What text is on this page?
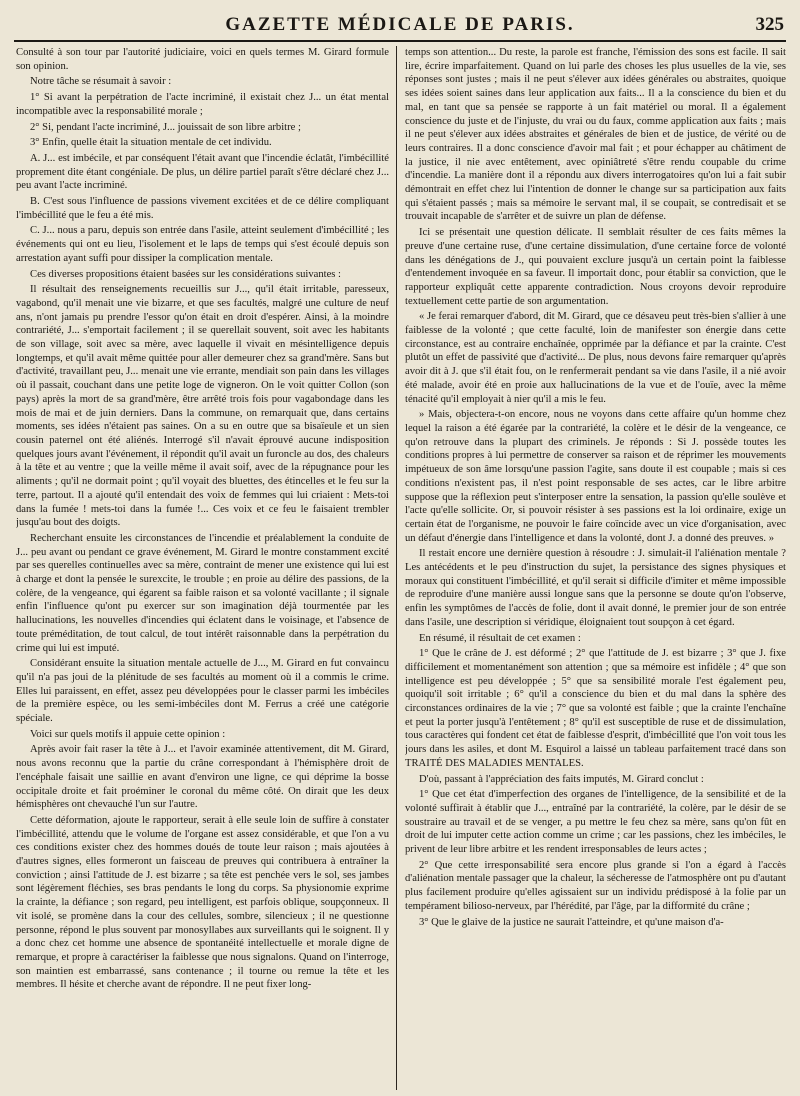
GAZETTE MÉDICALE DE PARIS.	325

Consulté à son tour par l'autorité judiciaire, voici en quels termes M. Girard formule son opinion.

Notre tâche se résumait à savoir :

1° Si avant la perpétration de l'acte incriminé, il existait chez J... un état mental incompatible avec la responsabilité morale ;

2° Si, pendant l'acte incriminé, J... jouissait de son libre arbitre ;

3° Enfin, quelle était la situation mentale de cet individu.

A. J... est imbécile, et par conséquent l'était avant que l'incendie éclatât, l'imbécillité proprement dite étant congéniale. De plus, un délire partiel paraît s'être déclaré chez J... peu avant l'acte incriminé.

B. C'est sous l'influence de passions vivement excitées et de ce délire compliquant l'imbécillité que le feu a été mis.

C. J... nous a paru, depuis son entrée dans l'asile, atteint seulement d'imbécillité ; les événements qui ont eu lieu, l'isolement et le laps de temps qui s'est écoulé depuis son arrestation ayant suffi pour dissiper la complication mentale.

Ces diverses propositions étaient basées sur les considérations suivantes :

Il résultait des renseignements recueillis sur J..., qu'il était irritable, paresseux, vagabond, qu'il menait une vie bizarre, et que ses facultés, malgré une culture de neuf ans, n'ont jamais pu prendre l'essor qu'on était en droit d'espérer. Ainsi, à la moindre contrariété, J... s'emportait facilement ; il se querellait souvent, soit avec les habitants de son village, soit avec sa mère, avec laquelle il vivait en mésintelligence depuis longtemps, et qu'il avait même quittée pour aller demeurer chez sa grand'mère. Sans but d'activité, travaillant peu, J... menait une vie errante, mendiait son pain dans les villages où il passait, couchant dans une petite loge de vigneron. On le voit quitter Collon (son pays) après la mort de sa grand'mère, être arrêté trois fois pour vagabondage dans les mois de mai et de juin derniers. Dans la commune, on remarquait que, dans certains moments, ses idées n'étaient pas saines. On a su en outre que sa bisaïeule et un sien cousin paternel ont été aliénés. Interrogé s'il n'avait éprouvé aucune indisposition quelques jours avant l'événement, il répondit qu'il avait un furoncle au dos, des chaleurs à la tête et au ventre ; que la veille même il avait soif, avec de la répugnance pour les aliments ; qu'il ne dormait point ; qu'il voyait des bluettes, des étincelles et le feu sur la terre, partout. Il a ajouté qu'il entendait des voix de femmes qui lui criaient : Mets-toi dans la fumée ! mets-toi dans la fumée !... Ces voix et ce feu le faisaient trembler jusqu'au bout des doigts.

Recherchant ensuite les circonstances de l'incendie et préalablement la conduite de J... peu avant ou pendant ce grave événement, M. Girard le montre constamment excité par ses querelles continuelles avec sa mère, contraint de mener une existence qui lui est à charge et dont la pensée le surexcite, le trouble ; en proie au délire des passions, de la colère, de la vengeance, qui égarent sa faible raison et sa volonté vacillante ; il signale enfin l'influence qu'ont pu exercer sur son imagination déjà tourmentée par les hallucinations, les nouvelles d'incendies qui éclatent dans le voisinage, et l'absence de toute préméditation, de tout calcul, de tout intérêt raisonnable dans la perpétration du crime qui lui est imputé.

Considérant ensuite la situation mentale actuelle de J..., M. Girard en fut convaincu qu'il n'a pas joui de la plénitude de ses facultés au moment où il a commis le crime. Elles lui paraissent, en effet, assez peu développées pour le classer parmi les imbéciles de la première espèce, ou les semi-imbéciles dont M. Ferrus a créé une catégorie spéciale.

Voici sur quels motifs il appuie cette opinion :

Après avoir fait raser la tête à J... et l'avoir examinée attentivement, dit M. Girard, nous avons reconnu que la partie du crâne correspondant à l'hémisphère droit de l'encéphale faisait une saillie en avant d'environ une ligne, ce qui déprime la bosse occipitale droite et fait proéminer le coronal du même côté. On dirait que les deux hémisphères ont chevauché l'un sur l'autre.

Cette déformation, ajoute le rapporteur, serait à elle seule loin de suffire à constater l'imbécillité, attendu que le volume de l'organe est assez considérable, et que l'on a vu ces conditions exister chez des hommes doués de toute leur raison ; mais ajoutées à d'autres signes, elles formeront un faisceau de preuves qui contribuera à entraîner la conviction ; ainsi l'attitude de J. est bizarre ; sa tête est penchée vers le sol, ses jambes sont légèrement fléchies, ses bras pendants le long du corps. Sa physionomie exprime la crainte, la défiance ; son regard, peu intelligent, est parfois oblique, soupçonneux. Il vit isolé, se promène dans la cour des cellules, sombre, silencieux ; il ne questionne personne, répond le plus souvent par monosyllabes aux surveillants qui le soignent. Il y a donc chez cet homme une absence de spontanéité intellectuelle et morale digne de remarque, et propre à caractériser la faiblesse que nous signalons. Quand on l'interroge, son maintien est embarrassé, sans contenance ; il tourne ou remue la tête et les membres. Il hésite et cherche avant de répondre. Il ne peut fixer long-

temps son attention... Du reste, la parole est franche, l'émission des sons est facile. Il sait lire, écrire imparfaitement. Quand on lui parle des choses les plus usuelles de la vie, ses réponses sont justes ; mais il ne peut s'élever aux idées générales ou abstraites, quoique ses idées soient saines dans leur application aux faits... Il a la conscience du bien et du mal, en tant que sa pensée se rapporte à un fait matériel ou moral. Il a également conscience du juste et de l'injuste, du vrai ou du faux, comme application aux faits ; mais il ne peut s'élever aux idées abstraites et générales de bien et de justice, de vérité ou de leurs contraires. Il a donc conscience d'avoir mal fait ; et pour échapper au châtiment de la justice, il nie avec entêtement, avec opiniâtreté s'être rendu coupable du crime d'incendie. La manière dont il a répondu aux divers interrogatoires qu'on lui a fait subir démontrait en effet chez lui l'intention de donner le change sur sa participation aux faits qui s'étaient passés ; mais sa mémoire le servant mal, il se coupait, se contredisait et se trouvait incapable de s'arrêter et de suivre un plan de défense.

Ici se présentait une question délicate. Il semblait résulter de ces faits mêmes la preuve d'une certaine ruse, d'une certaine dissimulation, d'une certaine force de volonté dans les dénégations de J., qui pouvaient exclure jusqu'à un certain point la faiblesse d'entendement invoquée en sa faveur. Il importait donc, pour établir sa conviction, que le rapporteur expliquât cette apparente contradiction. Nous croyons devoir reproduire textuellement cette partie de son argumentation.

« Je ferai remarquer d'abord, dit M. Girard, que ce désaveu peut très-bien s'allier à une faiblesse de la volonté ; que cette faculté, loin de manifester son énergie dans cette circonstance, est au contraire enchaînée, opprimée par la défiance et par la crainte. C'est plutôt un effet de passivité que d'activité... De plus, nous devons faire remarquer qu'après avoir dit à J. que s'il était fou, on le renfermerait pendant sa vie dans l'asile, il a nié avoir été malade, avoir été en proie aux hallucinations de la vue et de l'ouïe, avec la même ténacité qu'il employait à nier qu'il a mis le feu.

» Mais, objectera-t-on encore, nous ne voyons dans cette affaire qu'un homme chez lequel la raison a été égarée par la contrariété, la colère et le désir de la vengeance, ce qu'on retrouve dans la plupart des criminels. Je réponds : Si J. possède toutes les conditions propres à lui permettre de conserver sa raison et de réprimer les mouvements impétueux de son âme lorsqu'une passion l'agite, sans doute il est coupable ; mais si ces conditions n'existent pas, il n'est point responsable de ses actes, car le libre arbitre suppose que la réflexion peut s'interposer entre la sensation, la passion qu'elle soulève et l'acte qu'elle sollicite. Or, si pouvoir résister à ses passions est la loi ordinaire, exige un certain état de l'organisme, ne pouvoir le faire coïncide avec un vice d'organisation, avec un défaut d'énergie dans l'intelligence et dans la volonté, dont J. a donné des preuves. »

Il restait encore une dernière question à résoudre : J. simulait-il l'aliénation mentale ? Les antécédents et le peu d'instruction du sujet, la persistance des signes physiques et moraux qui constituent l'imbécillité, et qu'il serait si difficile d'imiter et même impossible de reproduire d'une manière aussi longue sans que la personne se doute qu'on l'observe, enfin les symptômes de l'accès de folie, dont il avait donné, le premier jour de son entrée dans l'asile, une description si véridique, éloignaient tout soupçon à cet égard.

En résumé, il résultait de cet examen :

1° Que le crâne de J. est déformé ; 2° que l'attitude de J. est bizarre ; 3° que J. fixe difficilement et momentanément son attention ; que sa mémoire est infidèle ; 4° que son intelligence est peu développée ; 5° que sa sensibilité morale l'est également peu, quoiqu'il soit irritable ; 6° qu'il a conscience du bien et du mal dans la sphère des circonstances ordinaires de la vie ; 7° que sa volonté est faible ; que la crainte l'enchaîne et peut la porter jusqu'à l'entêtement ; 8° qu'il est susceptible de ruse et de dissimulation, tous caractères qui fondent cet état de faiblesse d'esprit, d'imbécillité que l'on voit tous les jours dans les asiles, et dont M. Esquirol a laissé un tableau parfaitement tracé dans son TRAITÉ DES MALADIES MENTALES.

D'où, passant à l'appréciation des faits imputés, M. Girard conclut :

1° Que cet état d'imperfection des organes de l'intelligence, de la sensibilité et de la volonté suffirait à établir que J..., entraîné par la contrariété, la colère, par le désir de se soustraire au travail et de se venger, a pu mettre le feu chez sa mère, sans qu'on fût en droit de lui imputer cette action comme un crime ; car les passions, chez les imbéciles, le privent de leur libre arbitre et les rendent irresponsables de leurs actes ;

2° Que cette irresponsabilité sera encore plus grande si l'on a égard à l'accès d'aliénation mentale passager que la chaleur, la sécheresse de l'atmosphère ont pu d'autant plus facilement produire qu'elles agissaient sur un individu prédisposé à la folie par un tempérament bilioso-nerveux, par l'hérédité, par l'âge, par la difformité du crâne ;

3° Que le glaive de la justice ne saurait l'atteindre, et qu'une maison d'a-
